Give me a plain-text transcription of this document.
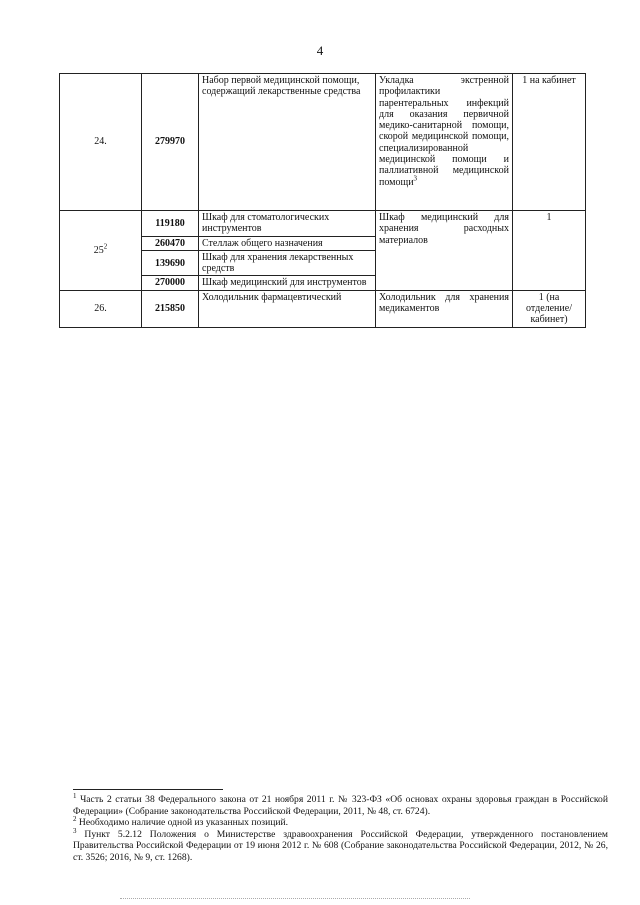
4
24.	279970	Набор первой медицинской помощи, содержащий лекарственные средства	Укладка экстренной профилактики парентеральных инфекций для оказания первичной медико-санитарной помощи, скорой медицинской помощи, специализированной медицинской помощи и паллиативной медицинской помощи$^3$	1 на кабинет
$25^2$	119180	Шкаф для стоматологических инструментов	Шкаф медицинский для хранения расходных материалов	1
	260470	Стеллаж общего назначения		
	139690	Шкаф для хранения лекарственных средств		
	270000	Шкаф медицинский для инструментов		
26.	215850	Холодильник фармацевтический	Холодильник для хранения медикаментов	1 (на отделение/ кабинет)

$^1$ Часть 2 статьи 38 Федерального закона от 21 ноября 2011 г. № 323-ФЗ «Об основах охраны здоровья граждан в Российской Федерации» (Собрание законодательства Российской Федерации, 2011, № 48, ст. 6724).

$^2$ Необходимо наличие одной из указанных позиций.

$^3$ Пункт 5.2.12 Положения о Министерстве здравоохранения Российской Федерации, утвержденного постановлением Правительства Российской Федерации от 19 июня 2012 г. № 608 (Собрание законодательства Российской Федерации, 2012, № 26, ст. 3526; 2016, № 9, ст. 1268).
